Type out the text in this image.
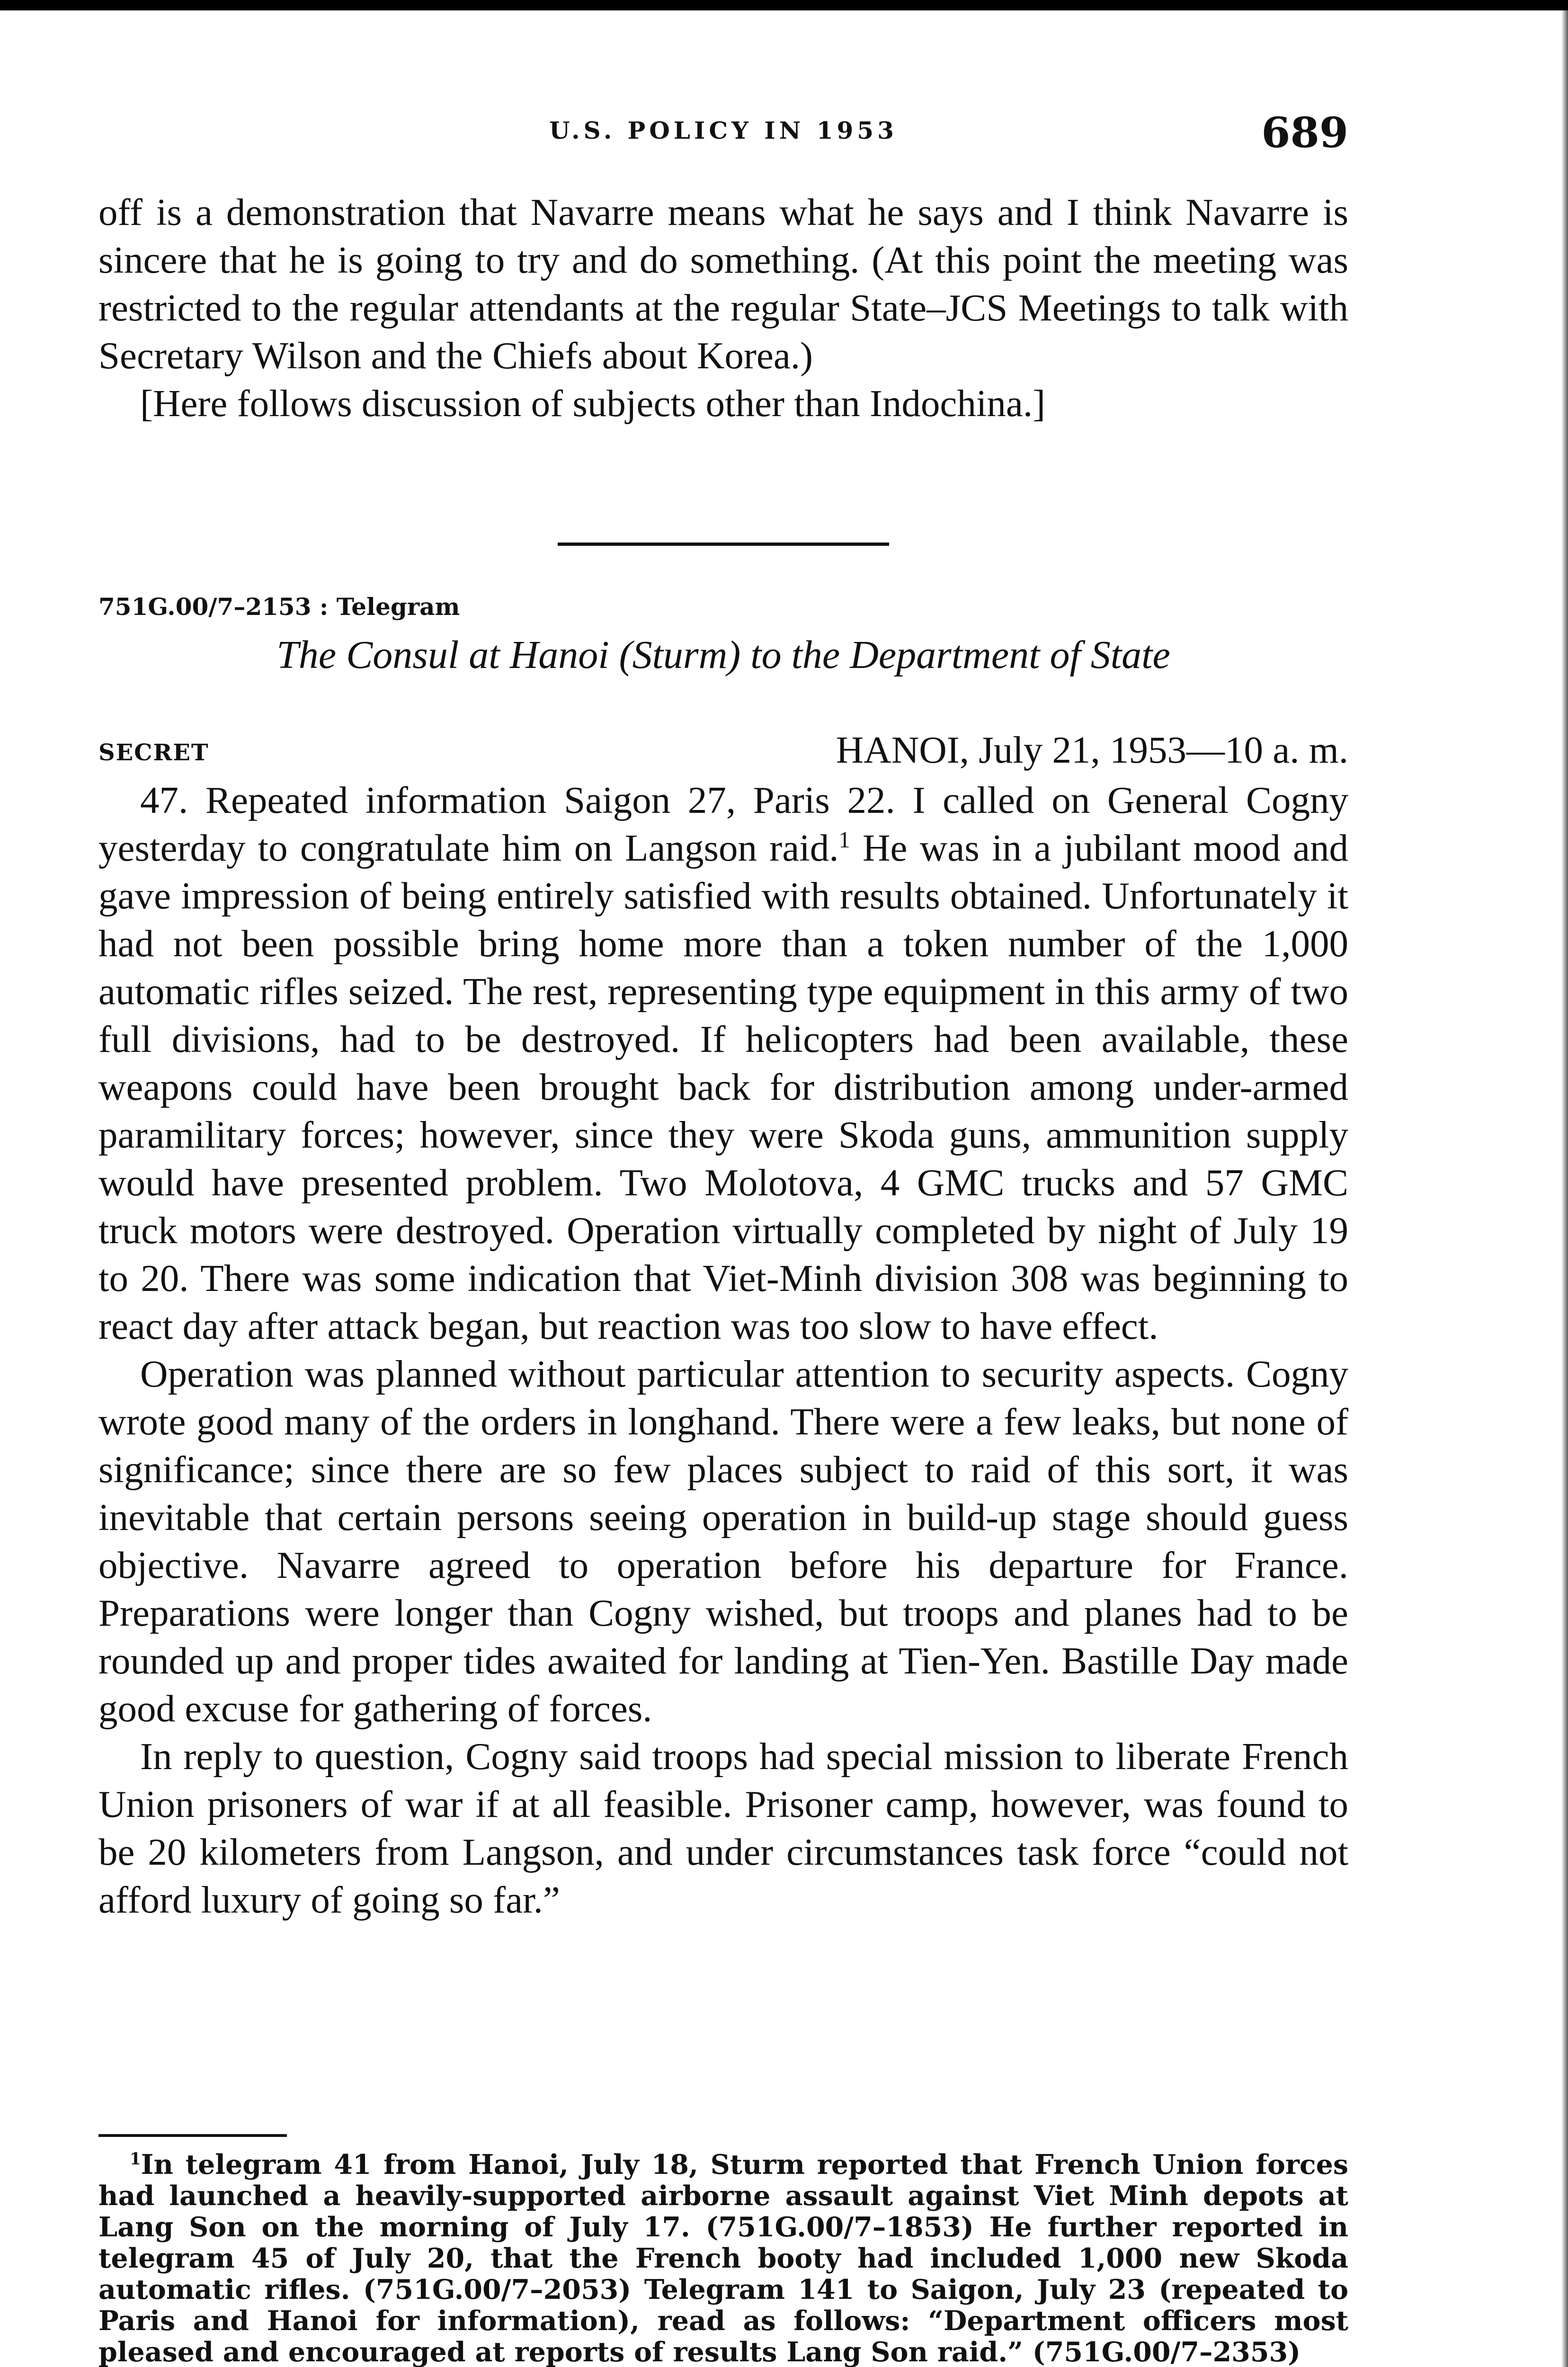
U.S. POLICY IN 1953	689

off is a demonstration that Navarre means what he says and I think Navarre is sincere that he is going to try and do something. (At this point the meeting was restricted to the regular attendants at the regular State–JCS Meetings to talk with Secretary Wilson and the Chiefs about Korea.)

[Here follows discussion of subjects other than Indochina.]

751G.00/7–2153 : Telegram
The Consul at Hanoi (Sturm) to the Department of State
SECRET	HANOI, July 21, 1953—10 a. m.

47. Repeated information Saigon 27, Paris 22. I called on General Cogny yesterday to congratulate him on Langson raid.$^1$ He was in a jubilant mood and gave impression of being entirely satisfied with results obtained. Unfortunately it had not been possible bring home more than a token number of the 1,000 automatic rifles seized. The rest, representing type equipment in this army of two full divisions, had to be destroyed. If helicopters had been available, these weapons could have been brought back for distribution among under-armed paramilitary forces; however, since they were Skoda guns, ammunition supply would have presented problem. Two Molotova, 4 GMC trucks and 57 GMC truck motors were destroyed. Operation virtually completed by night of July 19 to 20. There was some indication that Viet-Minh division 308 was beginning to react day after attack began, but reaction was too slow to have effect.

Operation was planned without particular attention to security aspects. Cogny wrote good many of the orders in longhand. There were a few leaks, but none of significance; since there are so few places subject to raid of this sort, it was inevitable that certain persons seeing operation in build-up stage should guess objective. Navarre agreed to operation before his departure for France. Preparations were longer than Cogny wished, but troops and planes had to be rounded up and proper tides awaited for landing at Tien-Yen. Bastille Day made good excuse for gathering of forces.

In reply to question, Cogny said troops had special mission to liberate French Union prisoners of war if at all feasible. Prisoner camp, however, was found to be 20 kilometers from Langson, and under circumstances task force “could not afford luxury of going so far.”

$^1$In telegram 41 from Hanoi, July 18, Sturm reported that French Union forces had launched a heavily-supported airborne assault against Viet Minh depots at Lang Son on the morning of July 17. (751G.00/7–1853) He further reported in telegram 45 of July 20, that the French booty had included 1,000 new Skoda automatic rifles. (751G.00/7–2053) Telegram 141 to Saigon, July 23 (repeated to Paris and Hanoi for information), read as follows: “Department officers most pleased and encouraged at reports of results Lang Son raid.” (751G.00/7–2353)
